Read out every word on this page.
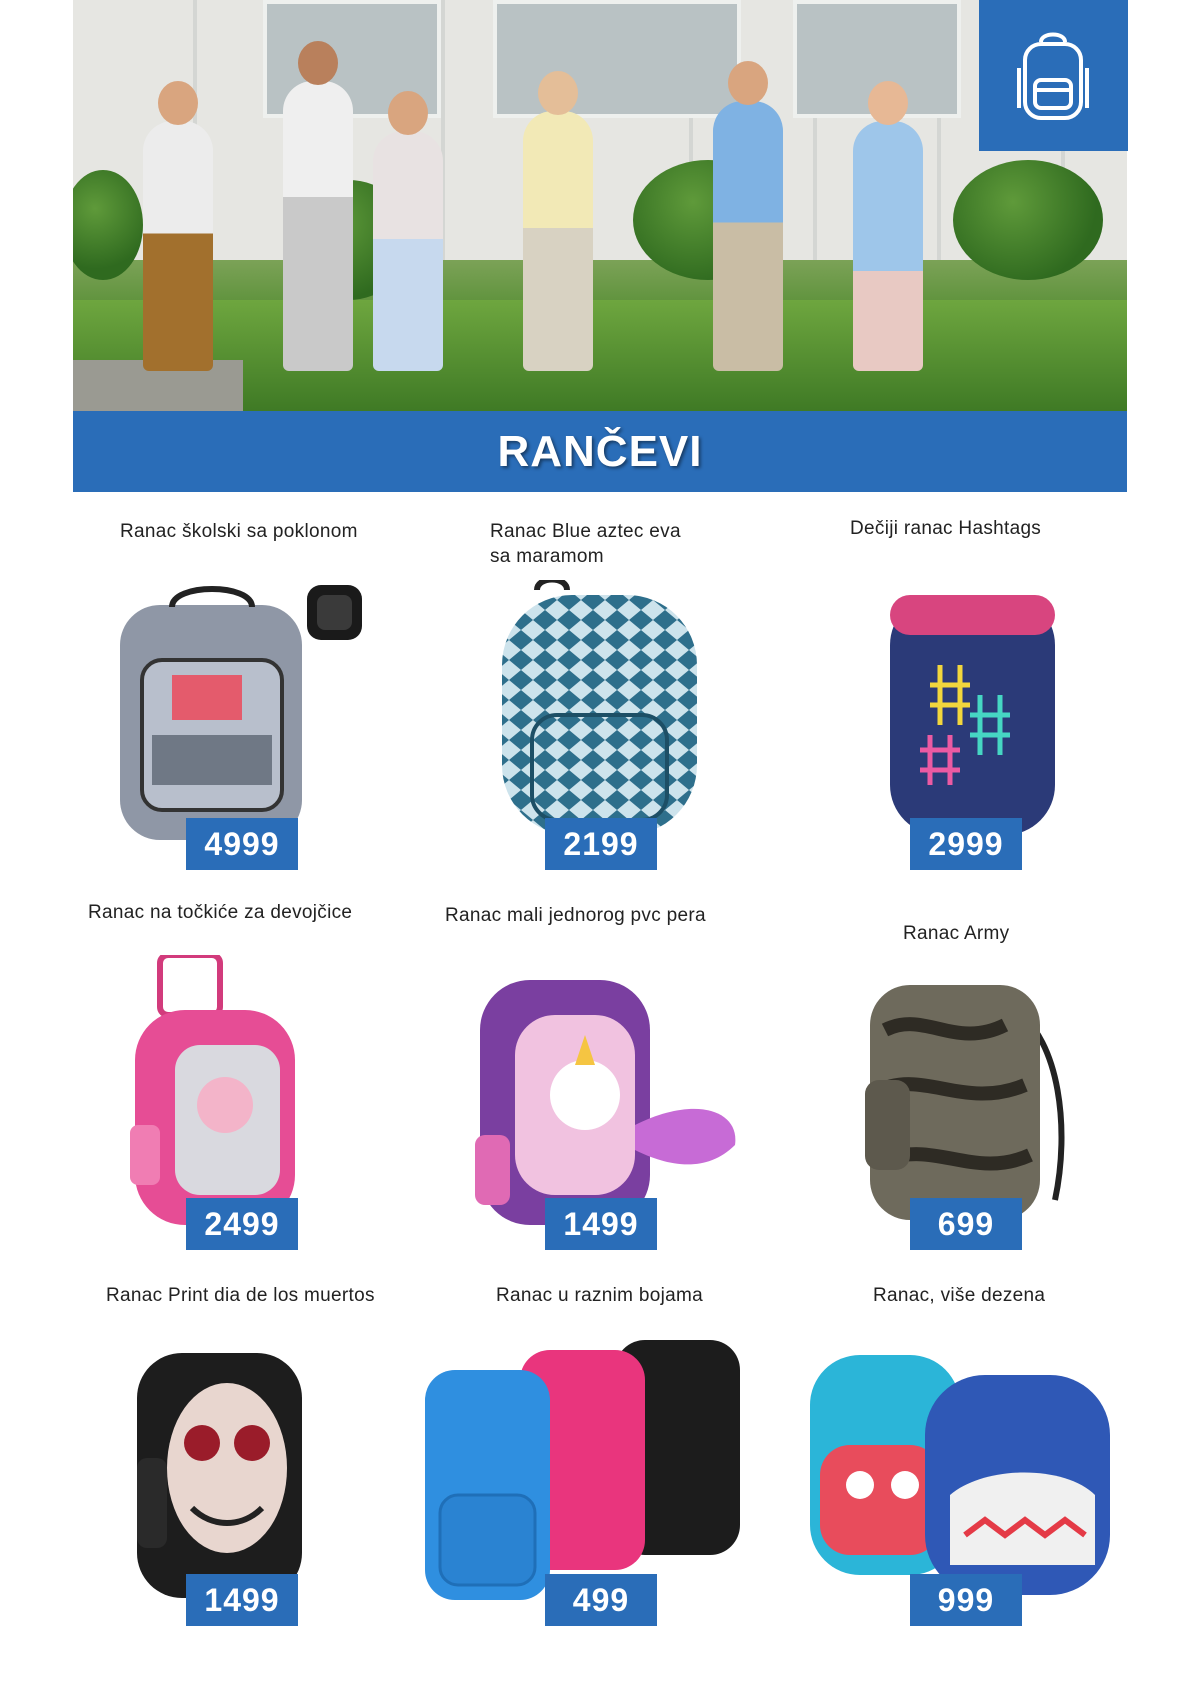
RANČEVI
Ranac školski sa poklonom
4999
Ranac Blue aztec eva sa maramom
2199
Dečiji ranac Hashtags
2999
Ranac na točkiće za devojčice
2499
Ranac mali jednorog pvc pera
1499
Ranac Army
699
Ranac Print dia de los muertos
1499
Ranac u raznim bojama
499
Ranac, više dezena
999
